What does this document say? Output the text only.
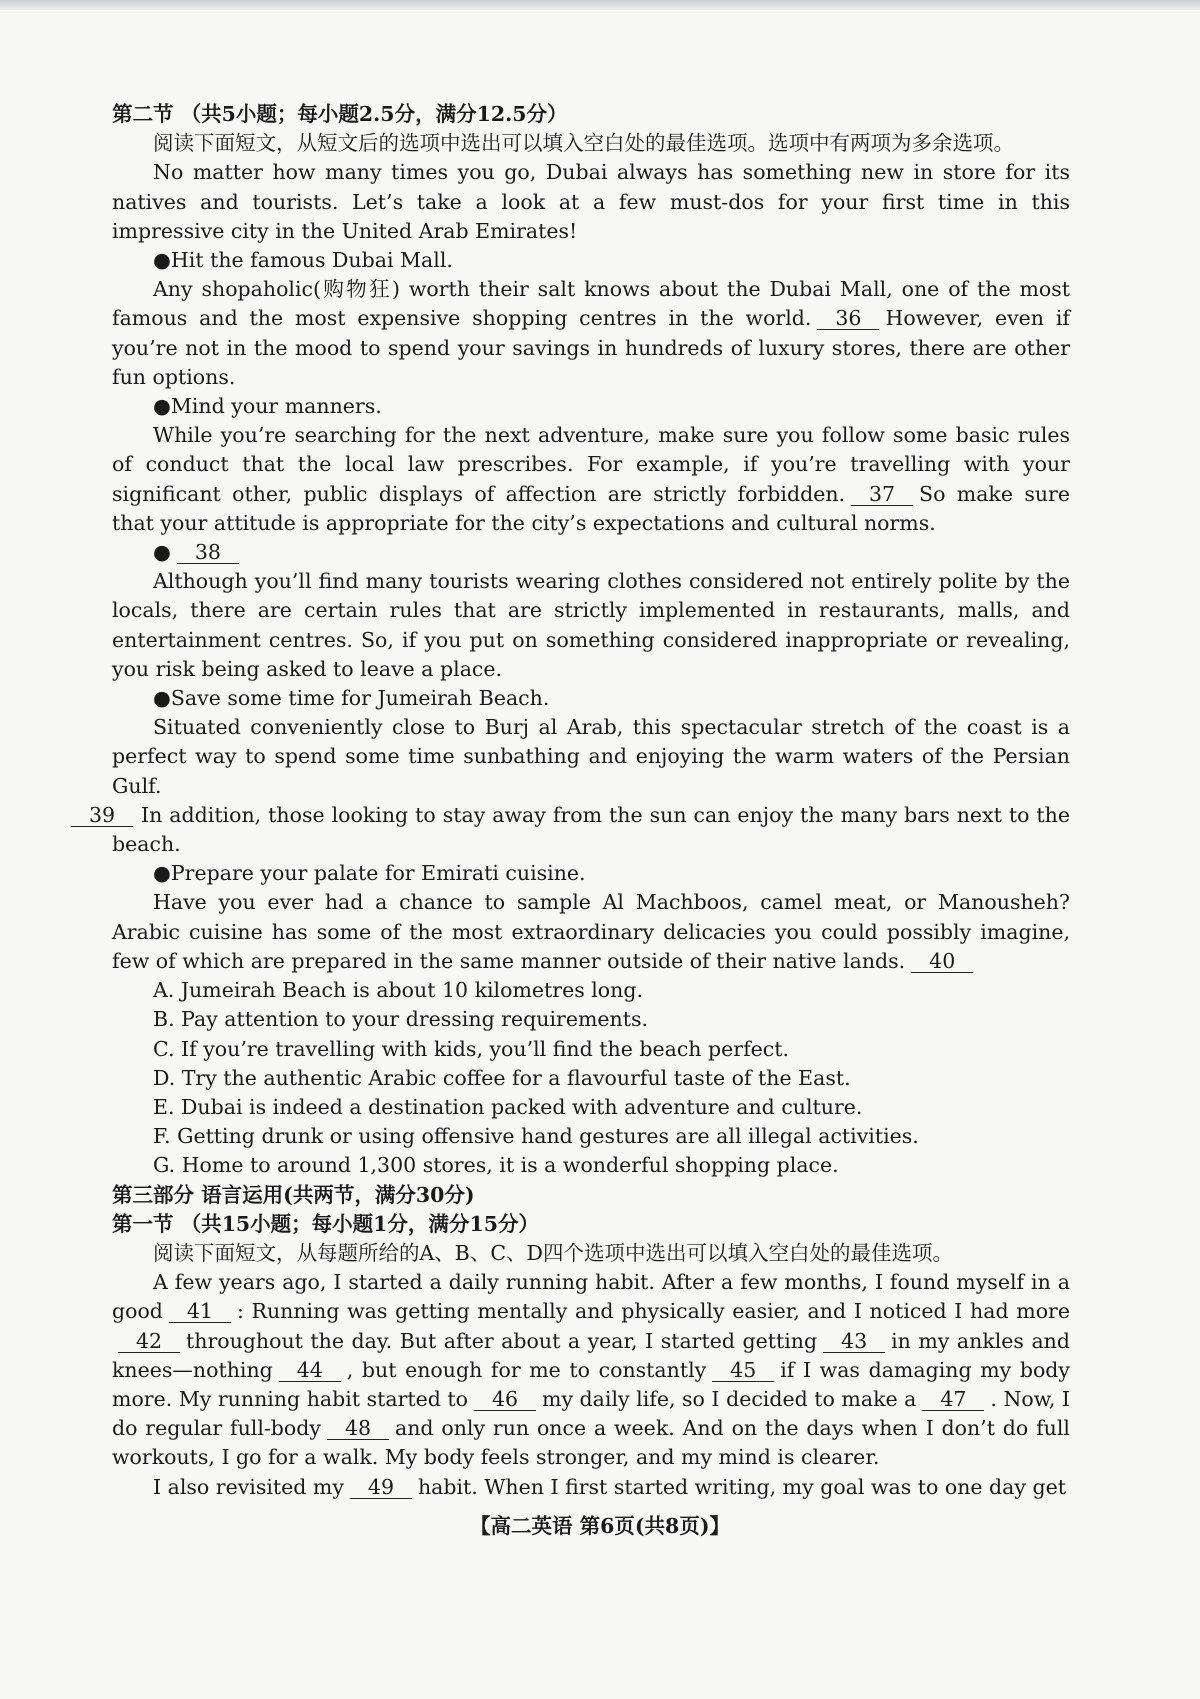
第二节 （共5小题；每小题2.5分，满分12.5分）

阅读下面短文，从短文后的选项中选出可以填入空白处的最佳选项。选项中有两项为多余选项。

No matter how many times you go, Dubai always has something new in store for its natives and tourists. Let’s take a look at a few must-dos for your first time in this impressive city in the United Arab Emirates!

●Hit the famous Dubai Mall.

Any shopaholic(购物狂) worth their salt knows about the Dubai Mall, one of the most famous and the most expensive shopping centres in the world. 36 However, even if you’re not in the mood to spend your savings in hundreds of luxury stores, there are other fun options.

●Mind your manners.

While you’re searching for the next adventure, make sure you follow some basic rules of conduct that the local law prescribes. For example, if you’re travelling with your significant other, public displays of affection are strictly forbidden. 37 So make sure that your attitude is appropriate for the city’s expectations and cultural norms.

● 38

Although you’ll find many tourists wearing clothes considered not entirely polite by the locals, there are certain rules that are strictly implemented in restaurants, malls, and entertainment centres. So, if you put on something considered inappropriate or revealing, you risk being asked to leave a place.

●Save some time for Jumeirah Beach.

Situated conveniently close to Burj al Arab, this spectacular stretch of the coast is a perfect way to spend some time sunbathing and enjoying the warm waters of the Persian Gulf.
39 In addition, those looking to stay away from the sun can enjoy the many bars next to the beach.

●Prepare your palate for Emirati cuisine.

Have you ever had a chance to sample Al Machboos, camel meat, or Manousheh? Arabic cuisine has some of the most extraordinary delicacies you could possibly imagine, few of which are prepared in the same manner outside of their native lands. 40

A. Jumeirah Beach is about 10 kilometres long.

B. Pay attention to your dressing requirements.

C. If you’re travelling with kids, you’ll find the beach perfect.

D. Try the authentic Arabic coffee for a flavourful taste of the East.

E. Dubai is indeed a destination packed with adventure and culture.

F. Getting drunk or using offensive hand gestures are all illegal activities.

G. Home to around 1,300 stores, it is a wonderful shopping place.

第三部分 语言运用(共两节，满分30分)

第一节 （共15小题；每小题1分，满分15分）

阅读下面短文，从每题所给的A、B、C、D四个选项中选出可以填入空白处的最佳选项。

A few years ago, I started a daily running habit. After a few months, I found myself in a good 41 : Running was getting mentally and physically easier, and I noticed I had more42 throughout the day. But after about a year, I started getting 43 in my ankles and knees—nothing 44 , but enough for me to constantly 45 if I was damaging my body more. My running habit started to 46 my daily life, so I decided to make a 47 . Now, I do regular full-body 48 and only run once a week. And on the days when I don’t do full workouts, I go for a walk. My body feels stronger, and my mind is clearer.

I also revisited my 49 habit. When I first started writing, my goal was to one day get

【高二英语 第6页(共8页)】
